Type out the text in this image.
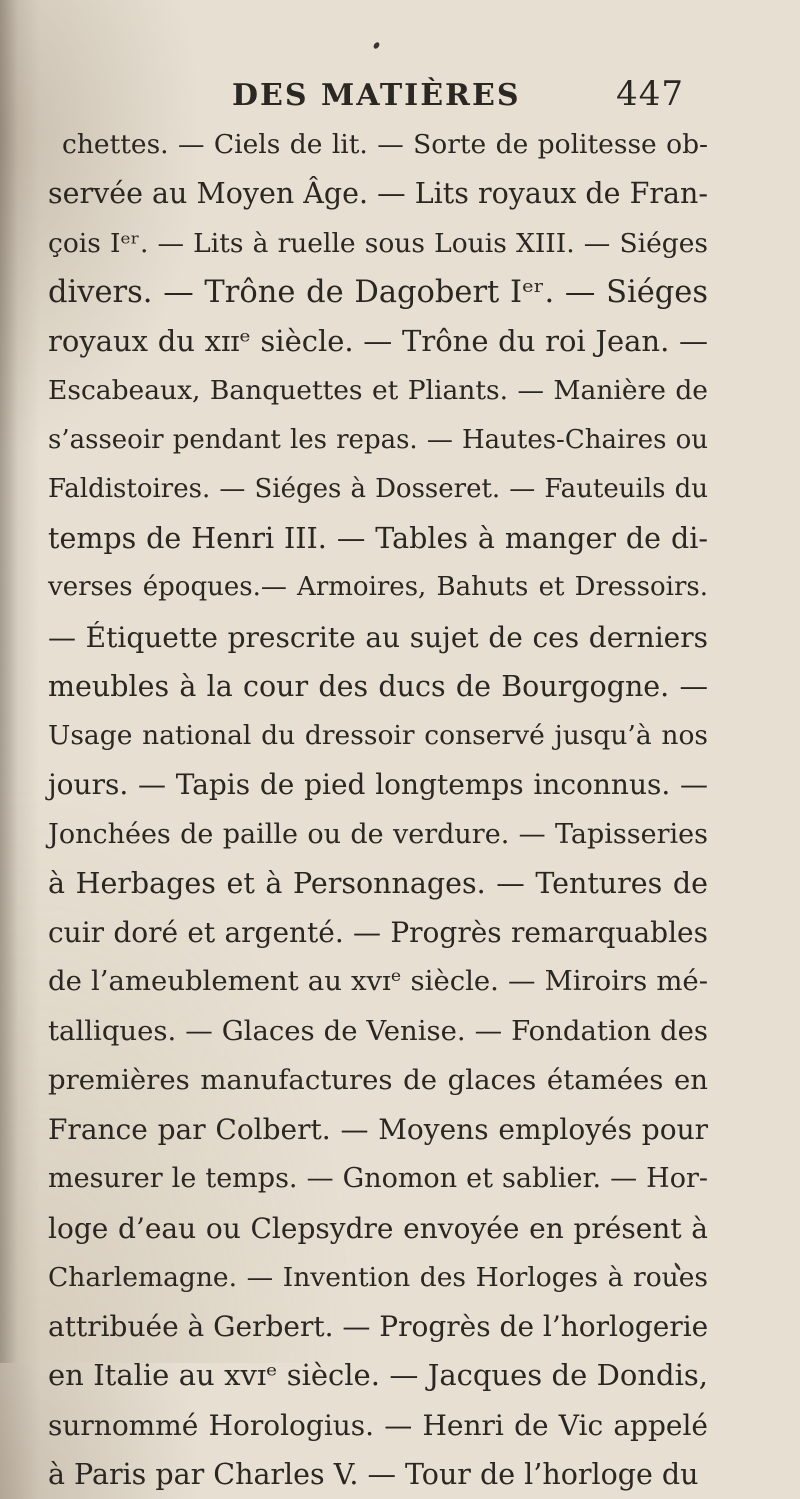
DES MATIÈRES	447
chettes. — Ciels de lit. — Sorte de politesse ob-
servée au Moyen Âge. — Lits royaux de Fran-
çois Iᵉʳ. — Lits à ruelle sous Louis XIII. — Siéges
divers. — Trône de Dagobert Iᵉʳ. — Siéges
royaux du xɪɪᵉ siècle. — Trône du roi Jean. —
Escabeaux, Banquettes et Pliants. — Manière de
s’asseoir pendant les repas. — Hautes-Chaires ou
Faldistoires. — Siéges à Dosseret. — Fauteuils du
temps de Henri III. — Tables à manger de di-
verses époques.— Armoires, Bahuts et Dressoirs.
— Étiquette prescrite au sujet de ces derniers
meubles à la cour des ducs de Bourgogne. —
Usage national du dressoir conservé jusqu’à nos
jours. — Tapis de pied longtemps inconnus. —
Jonchées de paille ou de verdure. — Tapisseries
à Herbages et à Personnages. — Tentures de
cuir doré et argenté. — Progrès remarquables
de l’ameublement au xvɪᵉ siècle. — Miroirs mé-
talliques. — Glaces de Venise. — Fondation des
premières manufactures de glaces étamées en
France par Colbert. — Moyens employés pour
mesurer le temps. — Gnomon et sablier. — Hor-
loge d’eau ou Clepsydre envoyée en présent à
Charlemagne. — Invention des Horloges à roues
attribuée à Gerbert. — Progrès de l’horlogerie
en Italie au xvɪᵉ siècle. — Jacques de Dondis,
surnommé Horologius. — Henri de Vic appelé
à Paris par Charles V. — Tour de l’horloge du
